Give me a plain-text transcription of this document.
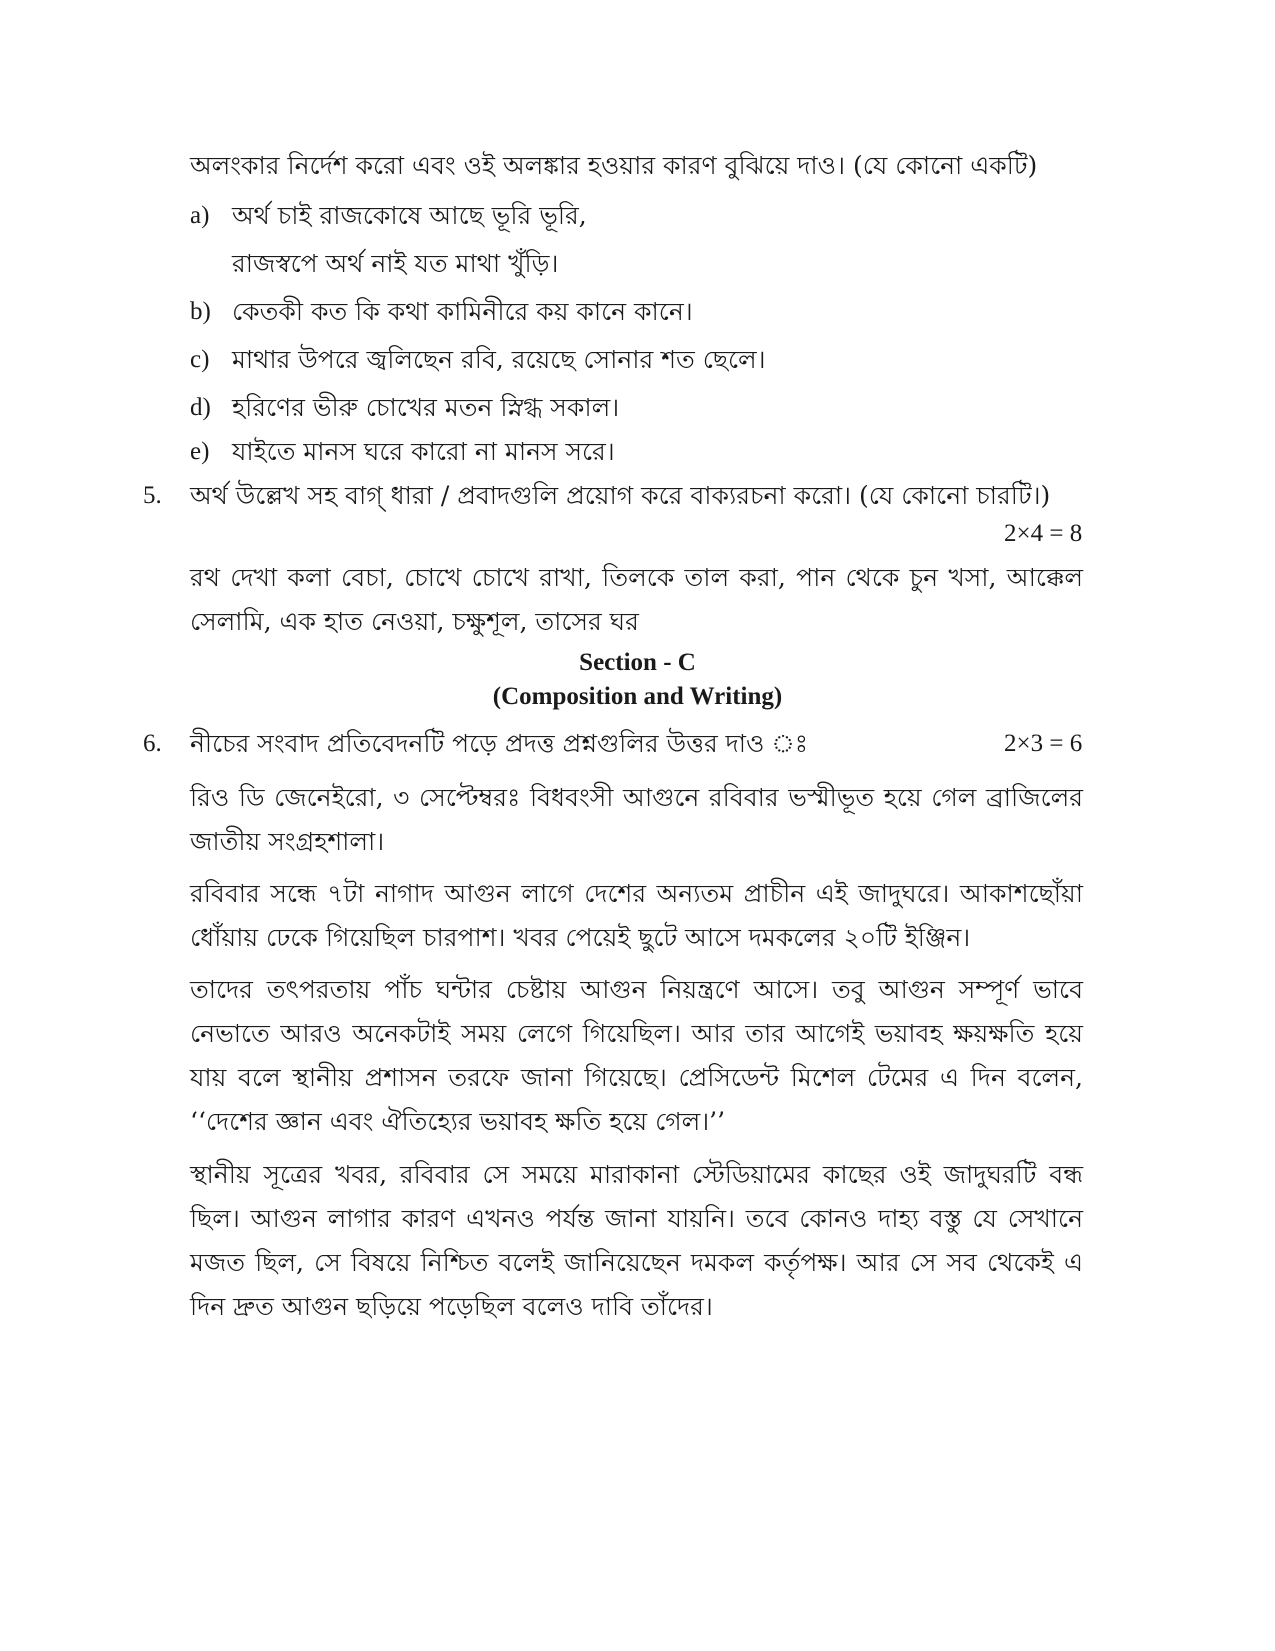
অলংকার নির্দেশ করো এবং ওই অলঙ্কার হওয়ার কারণ বুঝিয়ে দাও। (যে কোনো একটি)
a) অর্থ চাই রাজকোষে আছে ভূরি ভূরি,
রাজস্বপে অর্থ নাই যত মাথা খুঁড়ি।
b) কেতকী কত কি কথা কামিনীরে কয় কানে কানে।
c) মাথার উপরে জ্বলিছেন রবি, রয়েছে সোনার শত ছেলে।
d) হরিণের ভীরু চোখের মতন স্নিগ্ধ সকাল।
e) যাইতে মানস ঘরে কারো না মানস সরে।
5. অর্থ উল্লেখ সহ বাগ্ ধারা / প্রবাদগুলি প্রয়োগ করে বাক্যরচনা করো। (যে কোনো চারটি।)
2×4 = 8
রথ দেখা কলা বেচা, চোখে চোখে রাখা, তিলকে তাল করা, পান থেকে চুন খসা, আক্কেল সেলামি, এক হাত নেওয়া, চক্ষুশূল, তাসের ঘর
Section - C
(Composition and Writing)
6. নীচের সংবাদ প্রতিবেদনটি পড়ে প্রদত্ত প্রশ্নগুলির উত্তর দাও ঃ	2×3 = 6
রিও ডি জেনেইরো, ৩ সেপ্টেম্বরঃ বিধবংসী আগুনে রবিবার ভস্মীভূত হয়ে গেল ব্রাজিলের জাতীয় সংগ্রহশালা।
রবিবার সন্ধে ৭টা নাগাদ আগুন লাগে দেশের অন্যতম প্রাচীন এই জাদুঘরে। আকাশছোঁয়া ধোঁয়ায় ঢেকে গিয়েছিল চারপাশ। খবর পেয়েই ছুটে আসে দমকলের ২০টি ইঞ্জিন।
তাদের তৎপরতায় পাঁচ ঘন্টার চেষ্টায় আগুন নিয়ন্ত্রণে আসে। তবু আগুন সম্পূর্ণ ভাবে নেভাতে আরও অনেকটাই সময় লেগে গিয়েছিল। আর তার আগেই ভয়াবহ ক্ষয়ক্ষতি হয়ে যায় বলে স্থানীয় প্রশাসন তরফে জানা গিয়েছে। প্রেসিডেন্ট মিশেল টেমের এ দিন বলেন, ‘‘দেশের জ্ঞান এবং ঐতিহ্যের ভয়াবহ ক্ষতি হয়ে গেল।’’
স্থানীয় সূত্রের খবর, রবিবার সে সময়ে মারাকানা স্টেডিয়ামের কাছের ওই জাদুঘরটি বন্ধ ছিল। আগুন লাগার কারণ এখনও পর্যন্ত জানা যায়নি। তবে কোনও দাহ্য বস্তু যে সেখানে মজত ছিল, সে বিষয়ে নিশ্চিত বলেই জানিয়েছেন দমকল কর্তৃপক্ষ। আর সে সব থেকেই এ দিন দ্রুত আগুন ছড়িয়ে পড়েছিল বলেও দাবি তাঁদের।
